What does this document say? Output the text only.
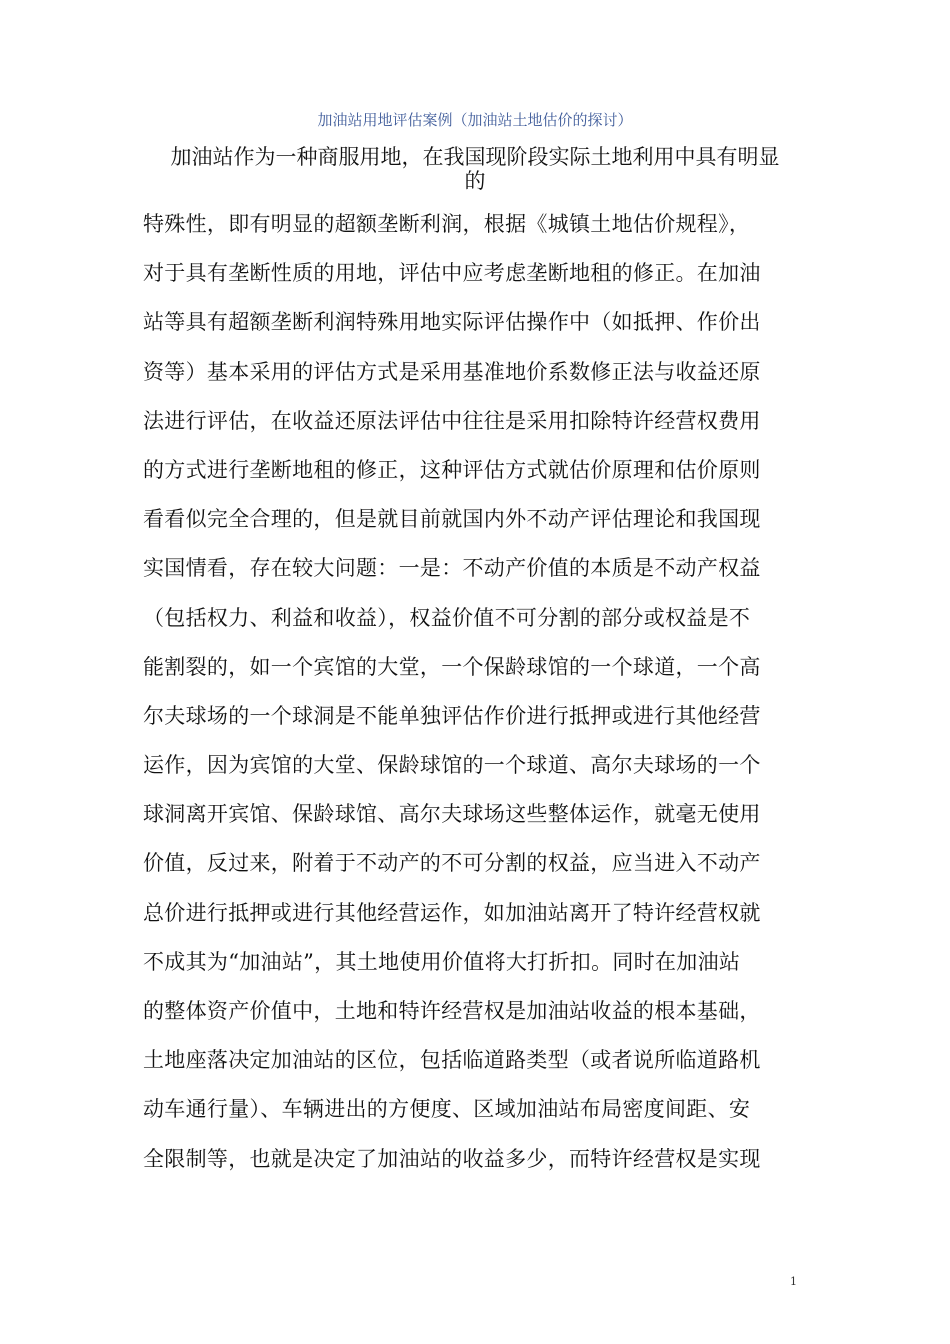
加油站用地评估案例（加油站土地估价的探讨）
加油站作为一种商服用地，在我国现阶段实际土地利用中具有明显
的
特殊性，即有明显的超额垄断利润，根据《城镇土地估价规程》，
对于具有垄断性质的用地，评估中应考虑垄断地租的修正。在加油
站等具有超额垄断利润特殊用地实际评估操作中（如抵押、作价出
资等）基本采用的评估方式是采用基准地价系数修正法与收益还原
法进行评估，在收益还原法评估中往往是采用扣除特许经营权费用
的方式进行垄断地租的修正，这种评估方式就估价原理和估价原则
看看似完全合理的，但是就目前就国内外不动产评估理论和我国现
实国情看，存在较大问题：一是：不动产价值的本质是不动产权益
（包括权力、利益和收益），权益价值不可分割的部分或权益是不
能割裂的，如一个宾馆的大堂，一个保龄球馆的一个球道，一个高
尔夫球场的一个球洞是不能单独评估作价进行抵押或进行其他经营
运作，因为宾馆的大堂、保龄球馆的一个球道、高尔夫球场的一个
球洞离开宾馆、保龄球馆、高尔夫球场这些整体运作，就毫无使用
价值，反过来，附着于不动产的不可分割的权益，应当进入不动产
总价进行抵押或进行其他经营运作，如加油站离开了特许经营权就
不成其为“加油站”，其土地使用价值将大打折扣。同时在加油站
的整体资产价值中，土地和特许经营权是加油站收益的根本基础，
土地座落决定加油站的区位，包括临道路类型（或者说所临道路机
动车通行量）、车辆进出的方便度、区域加油站布局密度间距、安
全限制等，也就是决定了加油站的收益多少，而特许经营权是实现
1
